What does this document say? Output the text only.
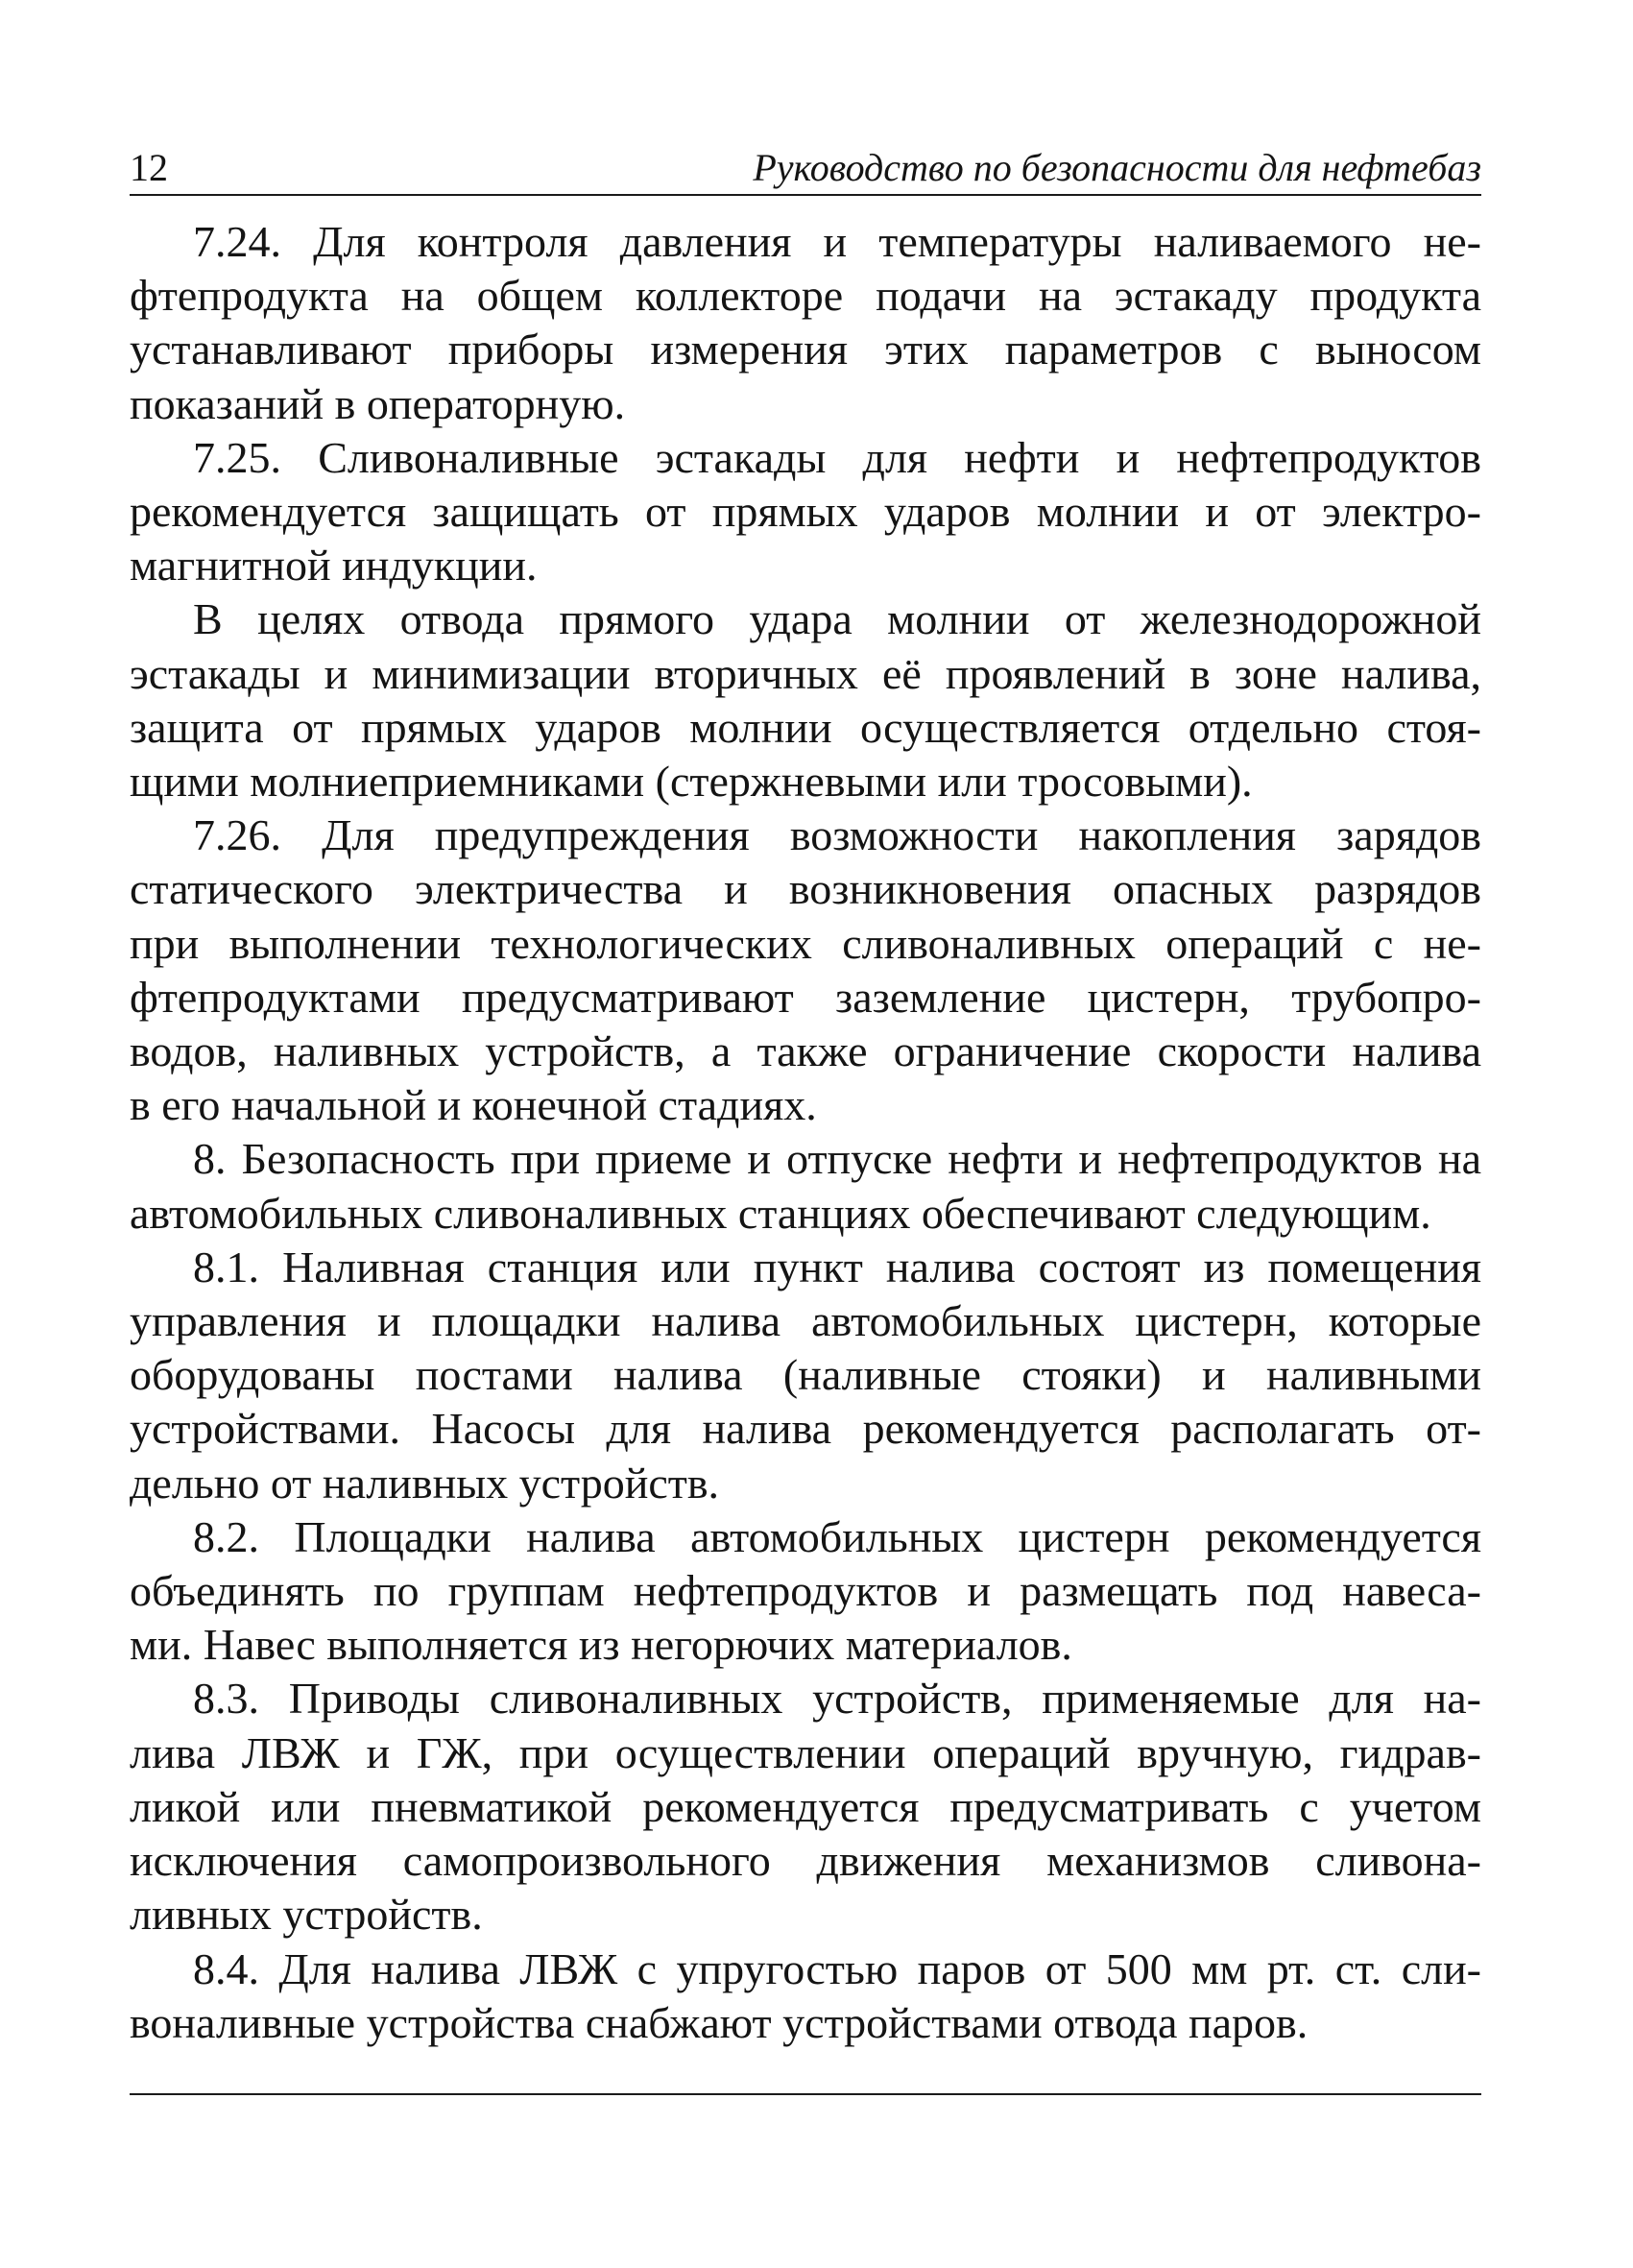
12	Руководство по безопасности для нефтебаз

7.24. Для контроля давления и температуры наливаемого не-
фтепродукта на общем коллекторе подачи на эстакаду продукта
устанавливают приборы измерения этих параметров с выносом
показаний в операторную.

7.25. Сливоналивные эстакады для нефти и нефтепродуктов
рекомендуется защищать от прямых ударов молнии и от электро-
магнитной индукции.

В целях отвода прямого удара молнии от железнодорожной
эстакады и минимизации вторичных её проявлений в зоне налива,
защита от прямых ударов молнии осуществляется отдельно стоя-
щими молниеприемниками (стержневыми или тросовыми).

7.26. Для предупреждения возможности накопления зарядов
статического электричества и возникновения опасных разрядов
при выполнении технологических сливоналивных операций с не-
фтепродуктами предусматривают заземление цистерн, трубопро-
водов, наливных устройств, а также ограничение скорости налива
в его начальной и конечной стадиях.

8. Безопасность при приеме и отпуске нефти и нефтепродуктов на
автомобильных сливоналивных станциях обеспечивают следующим.

8.1. Наливная станция или пункт налива состоят из помещения
управления и площадки налива автомобильных цистерн, которые
оборудованы постами налива (наливные стояки) и наливными
устройствами. Насосы для налива рекомендуется располагать от-
дельно от наливных устройств.

8.2. Площадки налива автомобильных цистерн рекомендуется
объединять по группам нефтепродуктов и размещать под навеса-
ми. Навес выполняется из негорючих материалов.

8.3. Приводы сливоналивных устройств, применяемые для на-
лива ЛВЖ и ГЖ, при осуществлении операций вручную, гидрав-
ликой или пневматикой рекомендуется предусматривать с учетом
исключения самопроизвольного движения механизмов сливона-
ливных устройств.

8.4. Для налива ЛВЖ с упругостью паров от 500 мм рт. ст. сли-
воналивные устройства снабжают устройствами отвода паров.
